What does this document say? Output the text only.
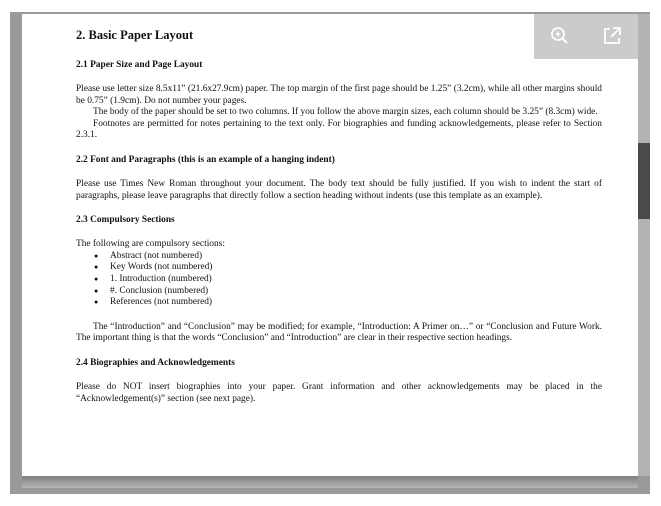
2. Basic Paper Layout
2.1 Paper Size and Page Layout

Please use letter size 8.5x11” (21.6x27.9cm) paper. The top margin of the first page should be 1.25” (3.2cm), while all other margins should be 0.75” (1.9cm). Do not number your pages.

The body of the paper should be set to two columns. If you follow the above margin sizes, each column should be 3.25” (8.3cm) wide.

Footnotes are permitted for notes pertaining to the text only. For biographies and funding acknowledgements, please refer to Section 2.3.1.

2.2 Font and Paragraphs (this is an example of a hanging indent)

Please use Times New Roman throughout your document. The body text should be fully justified. If you wish to indent the start of paragraphs, please leave paragraphs that directly follow a section heading without indents (use this template as an example).

2.3 Compulsory Sections

The following are compulsory sections:

● Abstract (not numbered)
● Key Words (not numbered)
● 1. Introduction (numbered)
● #. Conclusion (numbered)
● References (not numbered)

The “Introduction” and “Conclusion” may be modified; for example, “Introduction: A Primer on…” or “Conclusion and Future Work. The important thing is that the words “Conclusion” and “Introduction” are clear in their respective section headings.

2.4 Biographies and Acknowledgements

Please do NOT insert biographies into your paper. Grant information and other acknowledgements may be placed in the “Acknowledgement(s)” section (see next page).
